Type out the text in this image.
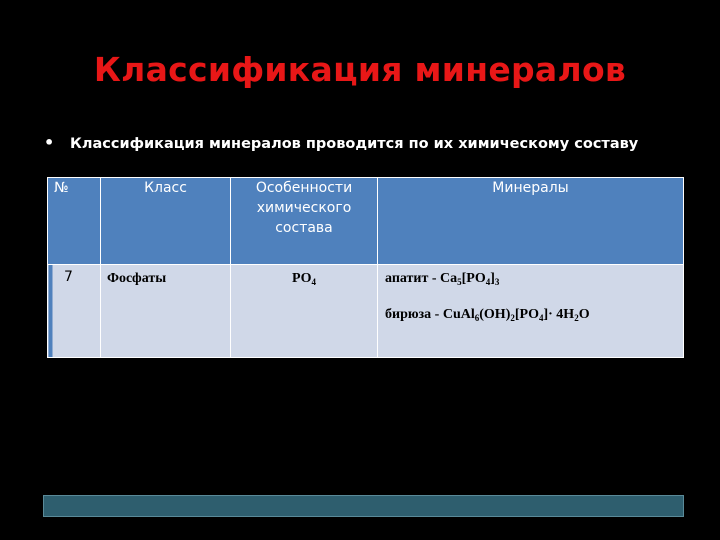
Классификация минералов
•	Классификация минералов проводится по их химическому составу
№	Класс	Особенности химического состава	Минералы
7	Фосфаты	$PO_4$	апатит - $Ca_5[PO_4]_3$
бирюза - $CuAl_6(OH)_2[PO_4]\cdot 4H_2O$
